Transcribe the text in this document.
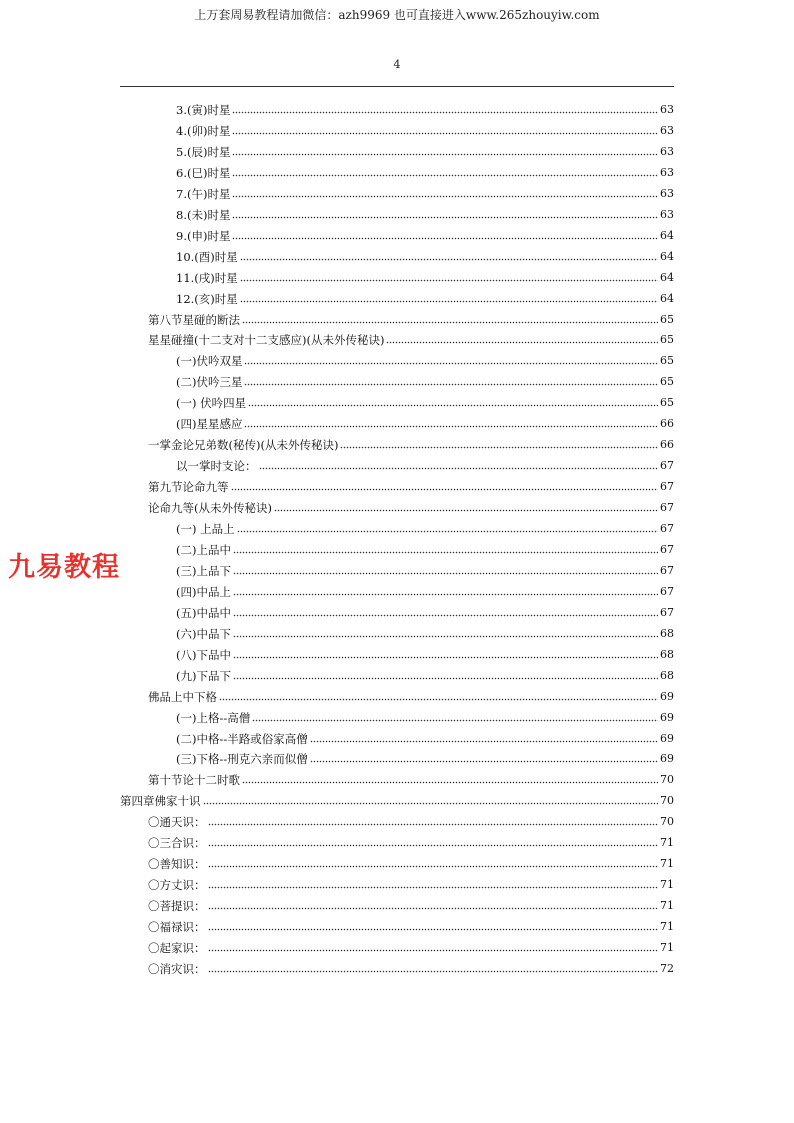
上万套周易教程请加微信：azh9969 也可直接进入www.265zhouyiw.com
4
九易教程
3.(寅)时星	63
4.(卯)时星	63
5.(辰)时星	63
6.(巳)时星	63
7.(午)时星	63
8.(未)时星	63
9.(申)时星	64
10.(酉)时星	64
11.(戌)时星	64
12.(亥)时星	64
第八节星碰的断法	65
星星碰撞(十二支对十二支感应)(从未外传秘诀)	65
(一)伏吟双星	65
(二)伏吟三星	65
(一) 伏吟四星	65
(四)星星感应	66
一掌金论兄弟数(秘传)(从未外传秘诀)	66
以一掌时支论：	67
第九节论命九等	67
论命九等(从未外传秘诀)	67
(一) 上品上	67
(二)上品中	67
(三)上品下	67
(四)中品上	67
(五)中品中	67
(六)中品下	68
(八)下品中	68
(九)下品下	68
佛品上中下格	69
(一)上格--高僧	69
(二)中格--半路或俗家高僧	69
(三)下格--刑克六亲而似僧	69
第十节论十二时歌	70
第四章佛家十识	70
〇通天识：	70
〇三合识：	71
〇善知识：	71
〇方丈识：	71
〇菩提识：	71
〇福禄识：	71
〇起家识：	71
〇消灾识：	72
